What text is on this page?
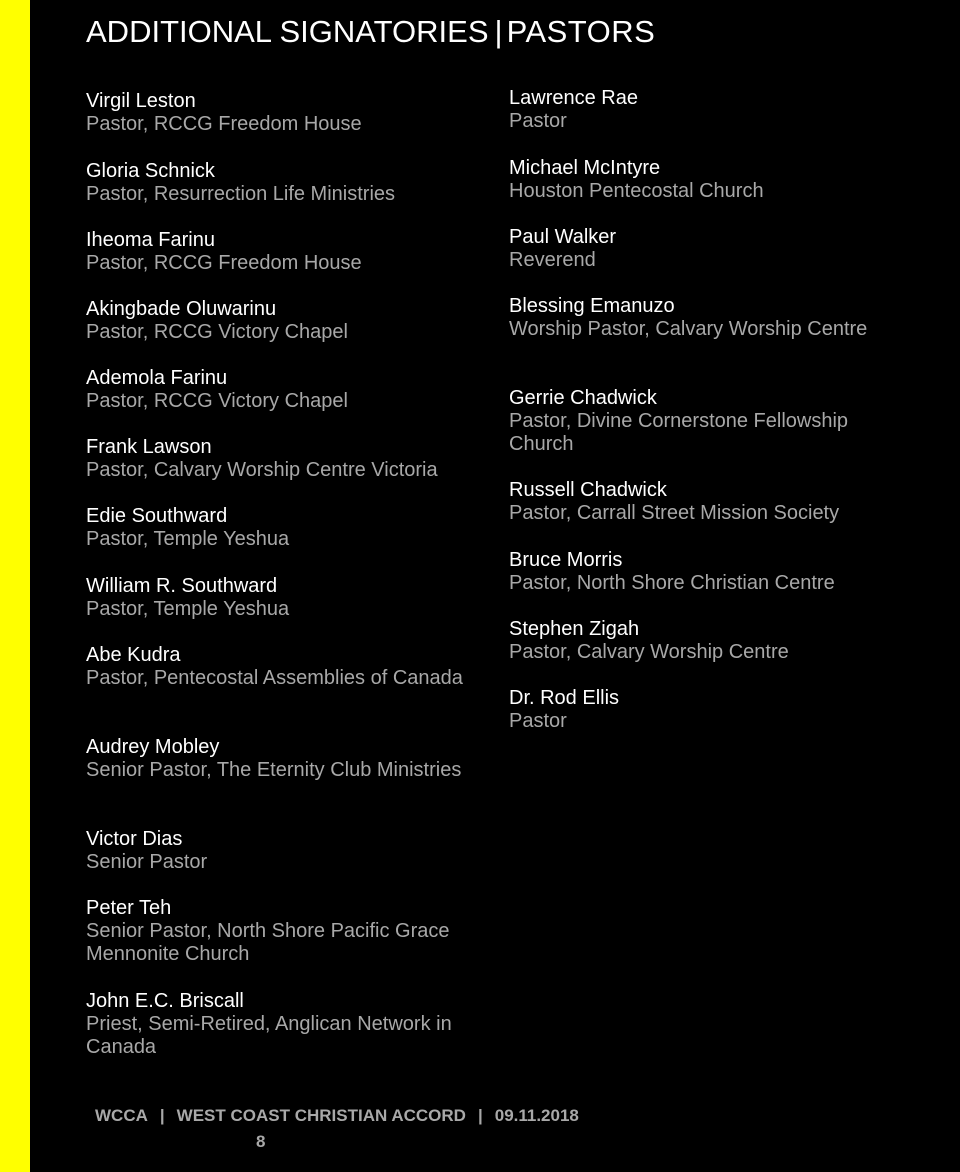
ADDITIONAL SIGNATORIES | PASTORS
Virgil Leston
Pastor, RCCG Freedom House
Gloria Schnick
Pastor, Resurrection Life Ministries
Iheoma Farinu
Pastor, RCCG Freedom House
Akingbade Oluwarinu
Pastor, RCCG Victory Chapel
Ademola Farinu
Pastor, RCCG Victory Chapel
Frank Lawson
Pastor, Calvary Worship Centre Victoria
Edie Southward
Pastor, Temple Yeshua
William R. Southward
Pastor, Temple Yeshua
Abe Kudra
Pastor, Pentecostal Assemblies of Canada
Audrey Mobley
Senior Pastor, The Eternity Club Ministries
Victor Dias
Senior Pastor
Peter Teh
Senior Pastor, North Shore Pacific Grace Mennonite Church
John E.C. Briscall
Priest, Semi-Retired, Anglican Network in Canada
Lawrence Rae
Pastor
Michael McIntyre
Houston Pentecostal Church
Paul Walker
Reverend
Blessing Emanuzo
Worship Pastor, Calvary Worship Centre
Gerrie Chadwick
Pastor, Divine Cornerstone Fellowship Church
Russell Chadwick
Pastor, Carrall Street Mission Society
Bruce Morris
Pastor, North Shore Christian Centre
Stephen Zigah
Pastor, Calvary Worship Centre
Dr. Rod Ellis
Pastor
WCCA | WEST COAST CHRISTIAN ACCORD | 09.11.2018
8
